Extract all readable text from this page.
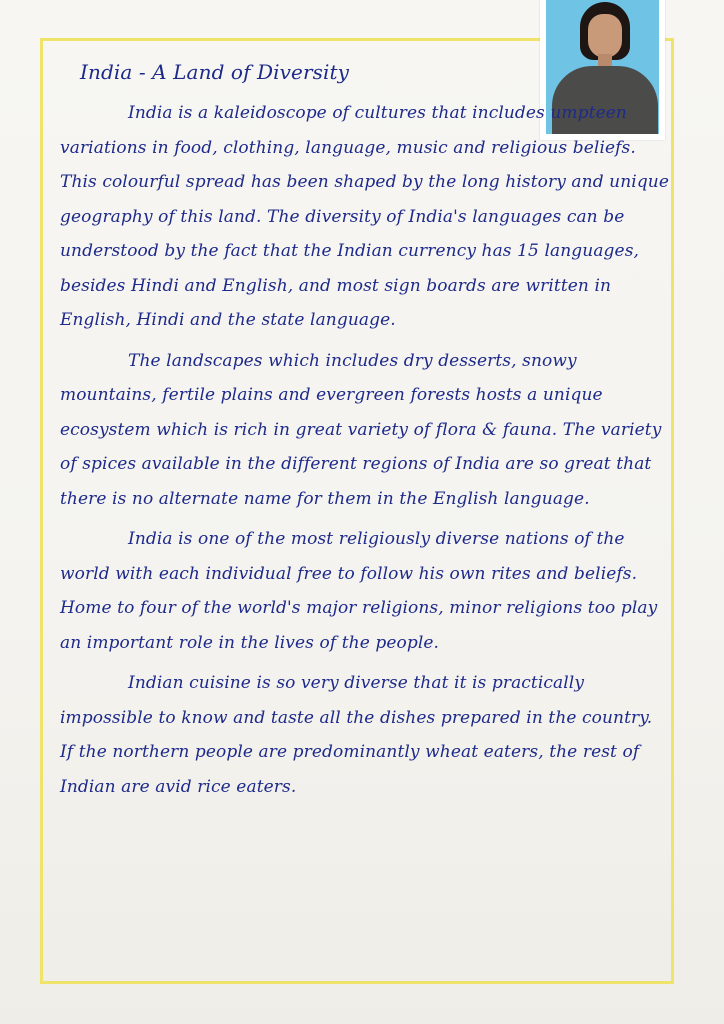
India - A Land of Diversity

India is a kaleidoscope of cultures that includes umpteen variations in food, clothing, language, music and religious beliefs. This colourful spread has been shaped by the long history and unique geography of this land. The diversity of India's languages can be understood by the fact that the Indian currency has 15 languages, besides Hindi and English, and most sign boards are written in English, Hindi and the state language.

The landscapes which includes dry desserts, snowy mountains, fertile plains and evergreen forests hosts a unique ecosystem which is rich in great variety of flora & fauna. The variety of spices available in the different regions of India are so great that there is no alternate name for them in the English language.

India is one of the most religiously diverse nations of the world with each individual free to follow his own rites and beliefs. Home to four of the world's major religions, minor religions too play an important role in the lives of the people.

Indian cuisine is so very diverse that it is practically impossible to know and taste all the dishes prepared in the country. If the northern people are predominantly wheat eaters, the rest of Indian are avid rice eaters.
